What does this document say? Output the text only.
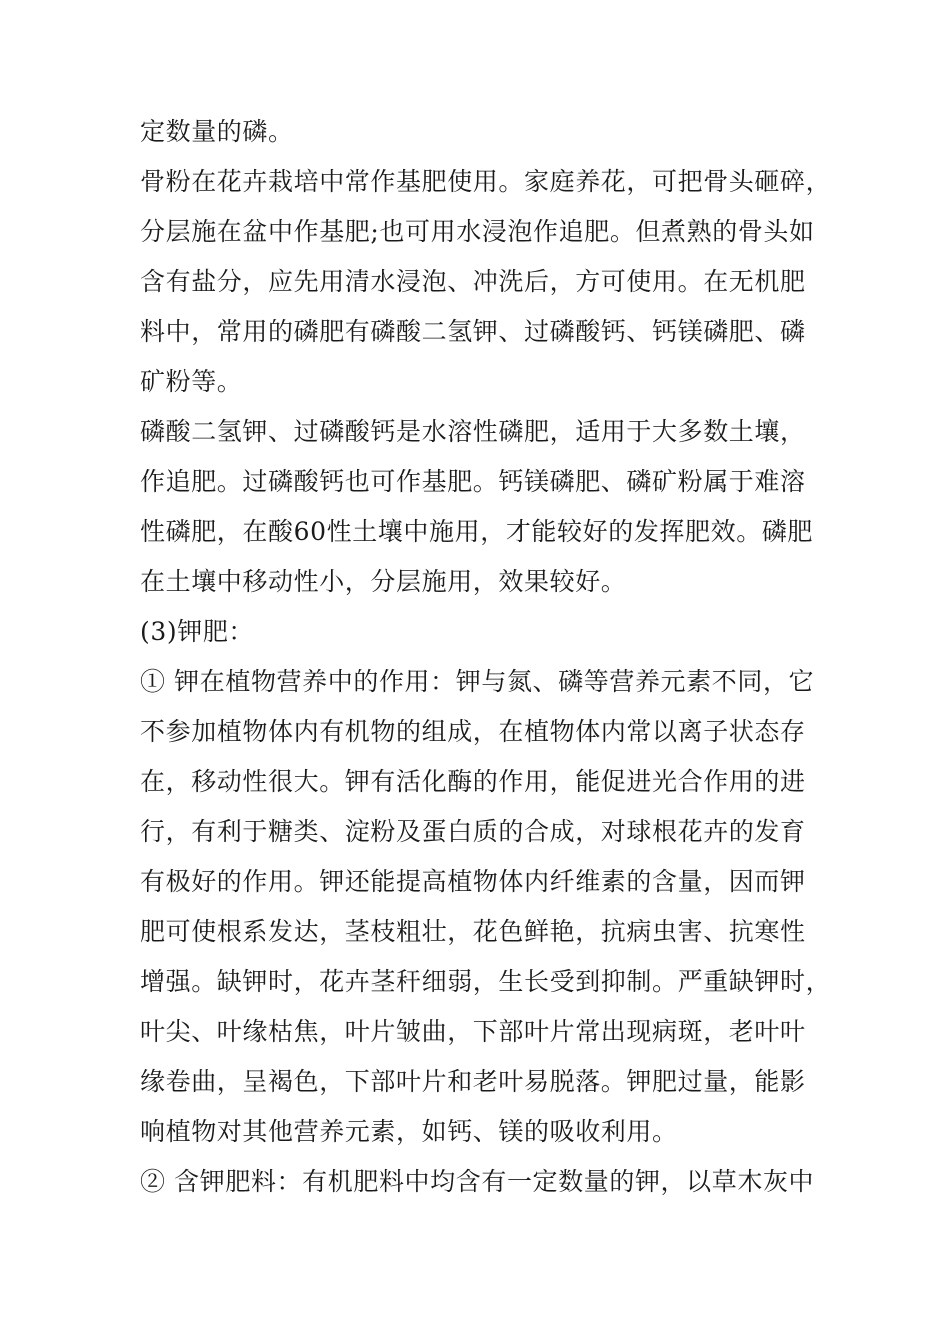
定数量的磷。
骨粉在花卉栽培中常作基肥使用。家庭养花，可把骨头砸碎，
分层施在盆中作基肥;也可用水浸泡作追肥。但煮熟的骨头如
含有盐分，应先用清水浸泡、冲洗后，方可使用。在无机肥
料中，常用的磷肥有磷酸二氢钾、过磷酸钙、钙镁磷肥、磷
矿粉等。
磷酸二氢钾、过磷酸钙是水溶性磷肥，适用于大多数土壤，
作追肥。过磷酸钙也可作基肥。钙镁磷肥、磷矿粉属于难溶
性磷肥，在酸60性土壤中施用，才能较好的发挥肥效。磷肥
在土壤中移动性小，分层施用，效果较好。
(3)钾肥：
① 钾在植物营养中的作用：钾与氮、磷等营养元素不同，它
不参加植物体内有机物的组成，在植物体内常以离子状态存
在，移动性很大。钾有活化酶的作用，能促进光合作用的进
行，有利于糖类、淀粉及蛋白质的合成，对球根花卉的发育
有极好的作用。钾还能提高植物体内纤维素的含量，因而钾
肥可使根系发达，茎枝粗壮，花色鲜艳，抗病虫害、抗寒性
增强。缺钾时，花卉茎秆细弱，生长受到抑制。严重缺钾时，
叶尖、叶缘枯焦，叶片皱曲，下部叶片常出现病斑，老叶叶
缘卷曲，呈褐色，下部叶片和老叶易脱落。钾肥过量，能影
响植物对其他营养元素，如钙、镁的吸收利用。
② 含钾肥料：有机肥料中均含有一定数量的钾，以草木灰中
